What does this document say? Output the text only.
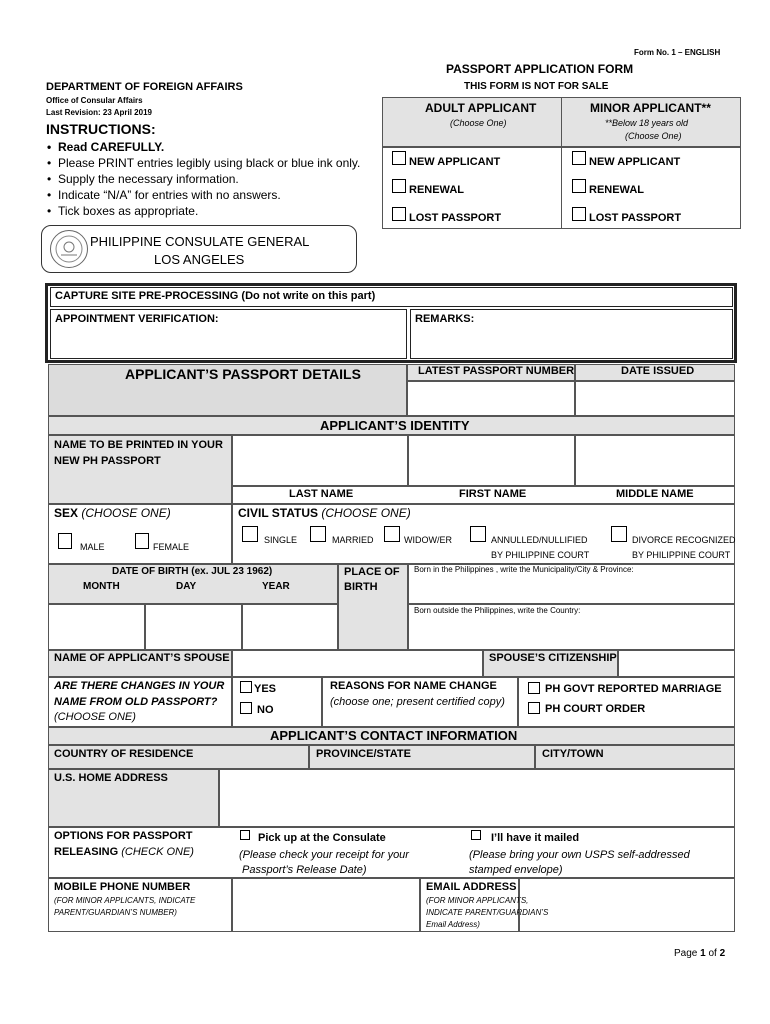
Form No. 1 – ENGLISH
PASSPORT APPLICATION FORM
THIS FORM IS NOT FOR SALE
DEPARTMENT OF FOREIGN AFFAIRS
Office of Consular Affairs
Last Revision: 23 April 2019
INSTRUCTIONS:
• Read CAREFULLY.
• Please PRINT entries legibly using black or blue ink only.
• Supply the necessary information.
• Indicate “N/A” for entries with no answers.
• Tick boxes as appropriate.
PHILIPPINE CONSULATE GENERAL
LOS ANGELES
ADULT APPLICANT
(Choose One)
MINOR APPLICANT**
**Below 18 years old
(Choose One)
NEW APPLICANT
RENEWAL
LOST PASSPORT
NEW APPLICANT
RENEWAL
LOST PASSPORT
CAPTURE SITE PRE-PROCESSING (Do not write on this part)
APPOINTMENT VERIFICATION:	REMARKS:
APPLICANT’S PASSPORT DETAILS	LATEST PASSPORT NUMBER	DATE ISSUED
APPLICANT’S IDENTITY
NAME TO BE PRINTED IN YOUR NEW PH PASSPORT
LAST NAME	FIRST NAME	MIDDLE NAME
SEX (CHOOSE ONE)
MALE	FEMALE
CIVIL STATUS (CHOOSE ONE)
SINGLE	MARRIED	WIDOW/ER	ANNULLED/NULLIFIED
BY PHILIPPINE COURT
DIVORCE RECOGNIZED
BY PHILIPPINE COURT
DATE OF BIRTH (ex. JUL 23 1962)
MONTH	DAY	YEAR
PLACE OF
BIRTH
Born in the Philippines , write the Municipality/City & Province:
Born outside the Philippines, write the Country:
NAME OF APPLICANT’S SPOUSE	SPOUSE’S CITIZENSHIP
ARE THERE CHANGES IN YOUR
NAME FROM OLD PASSPORT?
(CHOOSE ONE)
YES
NO
REASONS FOR NAME CHANGE
(choose one; present certified copy)
PH GOVT REPORTED MARRIAGE
PH COURT ORDER
APPLICANT’S CONTACT INFORMATION
COUNTRY OF RESIDENCE	PROVINCE/STATE	CITY/TOWN
U.S. HOME ADDRESS
OPTIONS FOR PASSPORT
RELEASING (CHECK ONE)
Pick up at the Consulate
(Please check your receipt for your
Passport’s Release Date)
I’ll have it mailed
(Please bring your own USPS self-addressed
stamped envelope)
MOBILE PHONE NUMBER
(FOR MINOR APPLICANTS, INDICATE
PARENT/GUARDIAN’S NUMBER)
EMAIL ADDRESS
(FOR MINOR APPLICANTS,
INDICATE PARENT/GUARDIAN’S
Email Address)
Page 1 of 2
